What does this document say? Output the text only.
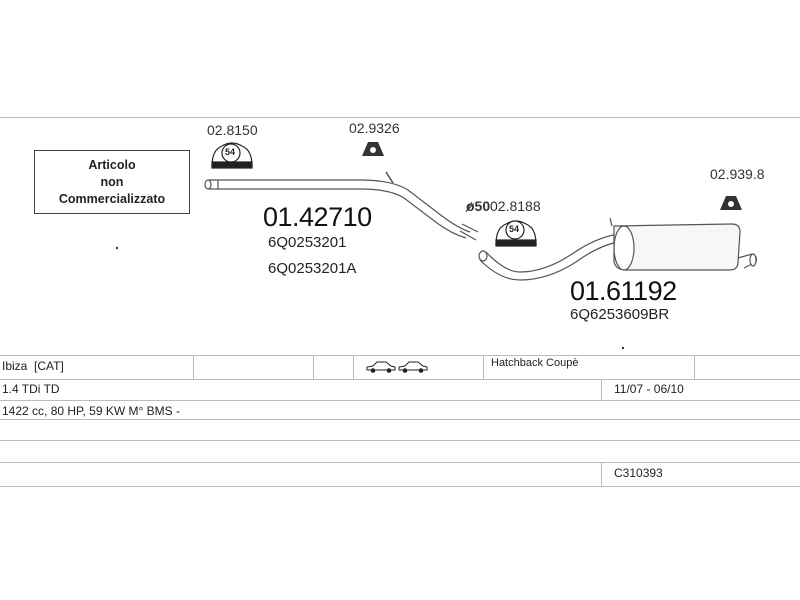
54
54
Articolo
non
Commercializzato
02.8150	02.9326
02.8188
02.939.8
ø50
01.42710
6Q0253201
6Q0253201A
01.61192
6Q6253609BR
Ibiza  [CAT]	Hatchback Coupè
1.4 TDi TD	11/07 - 06/10
1422 cc, 80 HP, 59 KW M° BMS -
C310393
